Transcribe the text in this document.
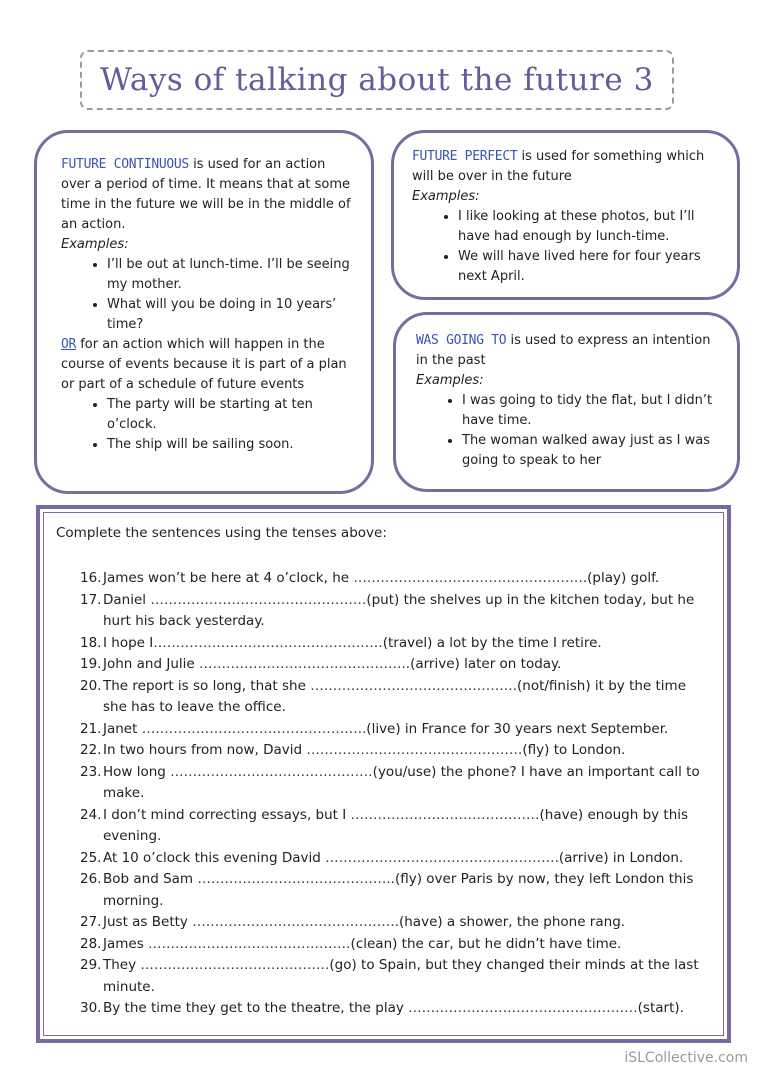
Ways of talking about the future 3

FUTURE CONTINUOUS is used for an action over a period of time. It means that at some time in the future we will be in the middle of an action.

Examples:

• I’ll be out at lunch-time. I’ll be seeing my mother.
• What will you be doing in 10 years’ time?

OR for an action which will happen in the course of events because it is part of a plan or part of a schedule of future events

• The party will be starting at ten o’clock.
• The ship will be sailing soon.

FUTURE PERFECT is used for something which will be over in the future

Examples:

• I like looking at these photos, but I’ll have had enough by lunch-time.
• We will have lived here for four years next April.

WAS GOING TO is used to express an intention in the past

Examples:

• I was going to tidy the flat, but I didn’t have time.
• The woman walked away just as I was going to speak to her
Complete the sentences using the tenses above:
16. James won’t be here at 4 o’clock, he …………………………………………….(play) golf.
17. Daniel …………………………………………(put) the shelves up in the kitchen today, but he hurt his back yesterday.
18. I hope I……………………………………………(travel) a lot by the time I retire.
19. John and Julie ………………………………………..(arrive) later on today.
20. The report is so long, that she ……………………………………….(not/finish) it by the time she has to leave the office.
21. Janet …………………………………………..(live) in France for 30 years next September.
22. In two hours from now, David …………………………………………(fly) to London.
23. How long ………………………………………(you/use) the phone? I have an important call to make.
24. I don’t mind correcting essays, but I ……………………………………(have) enough by this evening.
25. At 10 o’clock this evening David …………………………………………….(arrive) in London.
26. Bob and Sam ……………………………………..(fly) over Paris by now, they left London this morning.
27. Just as Betty ……………………………………….(have) a shower, the phone rang.
28. James ………………………………………(clean) the car, but he didn’t have time.
29. They ……………………………………(go) to Spain, but they changed their minds at the last minute.
30. By the time they get to the theatre, the play ……………………………………………(start).
iSLCollective.com
